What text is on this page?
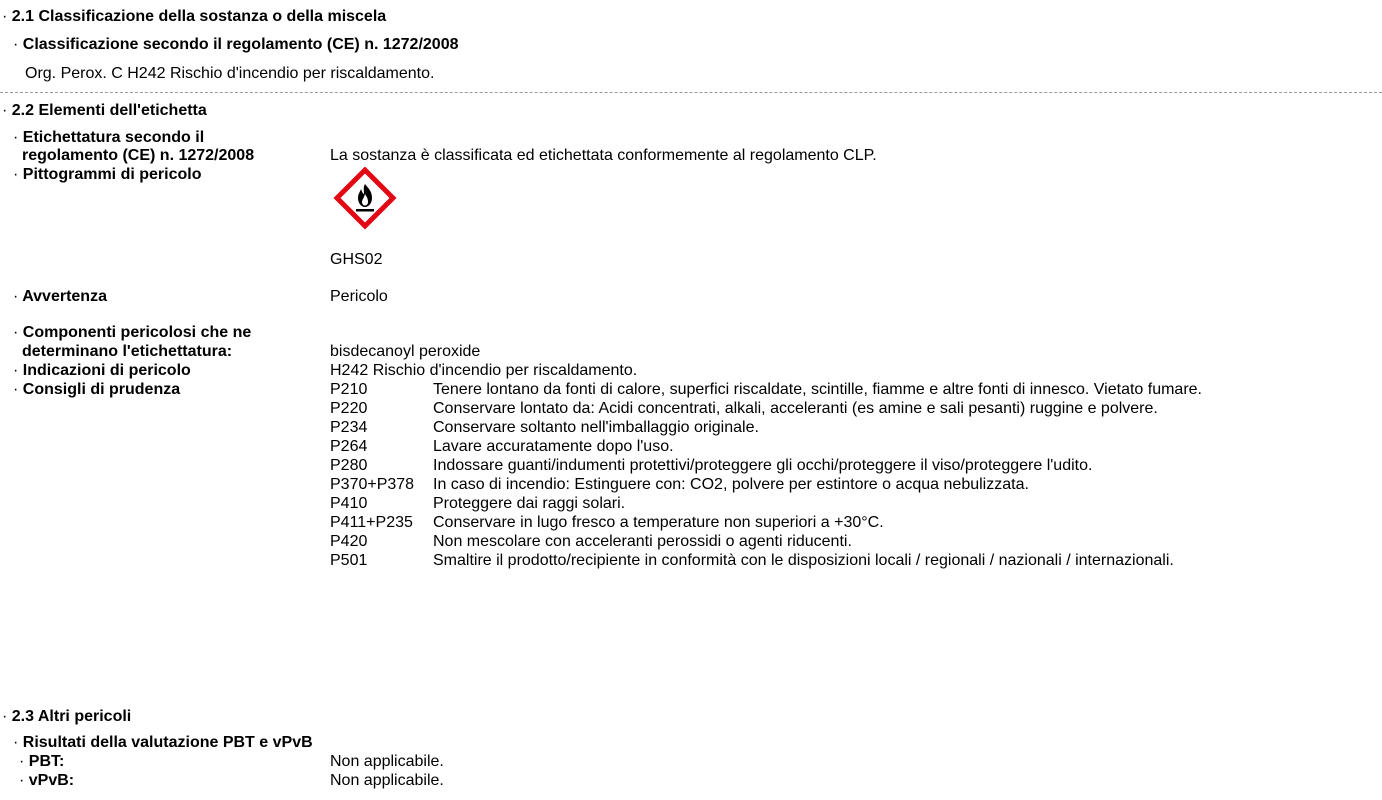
· 2.1 Classificazione della sostanza o della miscela
· Classificazione secondo il regolamento (CE) n. 1272/2008
Org. Perox. C H242 Rischio d'incendio per riscaldamento.
· 2.2 Elementi dell'etichetta
· Etichettatura secondo il
regolamento (CE) n. 1272/2008	La sostanza è classificata ed etichettata conformemente al regolamento CLP.
· Pittogrammi di pericolo
GHS02
· Avvertenza	Pericolo
· Componenti pericolosi che ne
determinano l'etichettatura:	bisdecanoyl peroxide
· Indicazioni di pericolo	H242 Rischio d'incendio per riscaldamento.
· Consigli di prudenza	P210	Tenere lontano da fonti di calore, superfici riscaldate, scintille, fiamme e altre fonti di innesco. Vietato fumare.
P220	Conservare lontato da: Acidi concentrati, alkali, acceleranti (es amine e sali pesanti) ruggine e polvere.
P234	Conservare soltanto nell'imballaggio originale.
P264	Lavare accuratamente dopo l'uso.
P280	Indossare guanti/indumenti protettivi/proteggere gli occhi/proteggere il viso/proteggere l'udito.
P370+P378	In caso di incendio: Estinguere con: CO2, polvere per estintore o acqua nebulizzata.
P410	Proteggere dai raggi solari.
P411+P235	Conservare in lugo fresco a temperature non superiori a +30°C.
P420	Non mescolare con acceleranti perossidi o agenti riducenti.
P501	Smaltire il prodotto/recipiente in conformità con le disposizioni locali / regionali / nazionali / internazionali.
· 2.3 Altri pericoli
· Risultati della valutazione PBT e vPvB
· PBT:	Non applicabile.
· vPvB:	Non applicabile.
